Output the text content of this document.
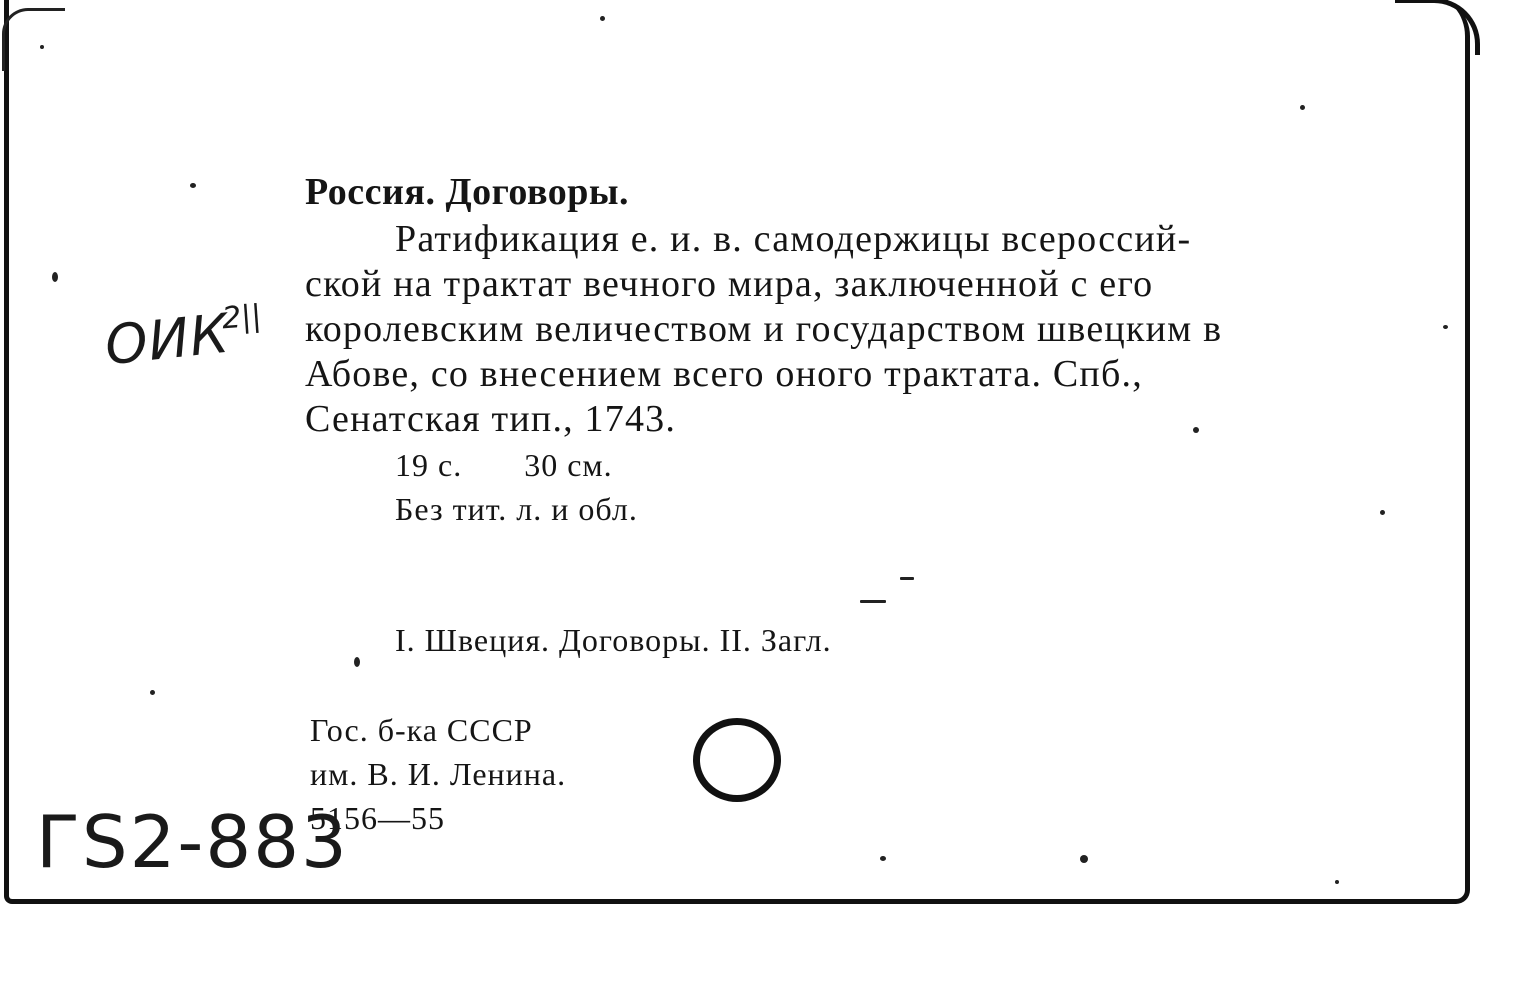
Россия. Договоры.

Ратификация е. и. в. самодержицы всероссий-

ской на трактат вечного мира, заключенной с его

королевским величеством и государством швецким в

Абове, со внесением всего оного трактата. Спб.,

Сенатская тип., 1743.

19 с. 30 см.

Без тит. л. и обл.

I. Швеция. Договоры. II. Загл.

Гос. б-ка СССР

им. В. И. Ленина.

5156—55

ОИК

2||

ГS2-883
